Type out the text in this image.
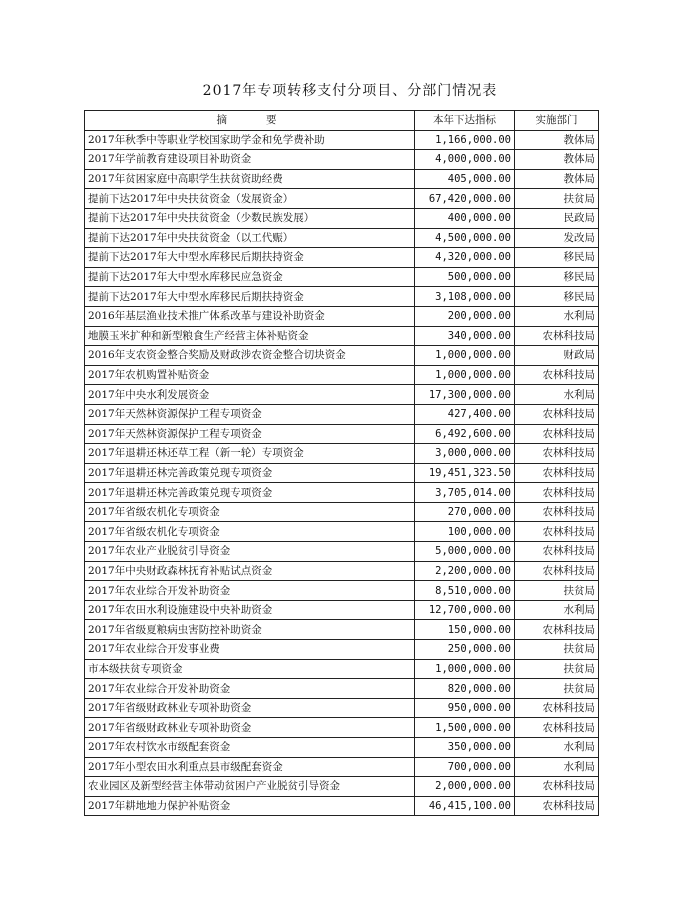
2017年专项转移支付分项目、分部门情况表
摘　　要	本年下达指标	实施部门
2017年秋季中等职业学校国家助学金和免学费补助	1,166,000.00	教体局
2017年学前教育建设项目补助资金	4,000,000.00	教体局
2017年贫困家庭中高职学生扶贫资助经费	405,000.00	教体局
提前下达2017年中央扶贫资金（发展资金）	67,420,000.00	扶贫局
提前下达2017年中央扶贫资金（少数民族发展）	400,000.00	民政局
提前下达2017年中央扶贫资金（以工代赈）	4,500,000.00	发改局
提前下达2017年大中型水库移民后期扶持资金	4,320,000.00	移民局
提前下达2017年大中型水库移民应急资金	500,000.00	移民局
提前下达2017年大中型水库移民后期扶持资金	3,108,000.00	移民局
2016年基层渔业技术推广体系改革与建设补助资金	200,000.00	水利局
地膜玉米扩种和新型粮食生产经营主体补贴资金	340,000.00	农林科技局
2016年支农资金整合奖励及财政涉农资金整合切块资金	1,000,000.00	财政局
2017年农机购置补贴资金	1,000,000.00	农林科技局
2017年中央水利发展资金	17,300,000.00	水利局
2017年天然林资源保护工程专项资金	427,400.00	农林科技局
2017年天然林资源保护工程专项资金	6,492,600.00	农林科技局
2017年退耕还林还草工程（新一轮）专项资金	3,000,000.00	农林科技局
2017年退耕还林完善政策兑现专项资金	19,451,323.50	农林科技局
2017年退耕还林完善政策兑现专项资金	3,705,014.00	农林科技局
2017年省级农机化专项资金	270,000.00	农林科技局
2017年省级农机化专项资金	100,000.00	农林科技局
2017年农业产业脱贫引导资金	5,000,000.00	农林科技局
2017年中央财政森林抚育补贴试点资金	2,200,000.00	农林科技局
2017年农业综合开发补助资金	8,510,000.00	扶贫局
2017年农田水利设施建设中央补助资金	12,700,000.00	水利局
2017年省级夏粮病虫害防控补助资金	150,000.00	农林科技局
2017年农业综合开发事业费	250,000.00	扶贫局
市本级扶贫专项资金	1,000,000.00	扶贫局
2017年农业综合开发补助资金	820,000.00	扶贫局
2017年省级财政林业专项补助资金	950,000.00	农林科技局
2017年省级财政林业专项补助资金	1,500,000.00	农林科技局
2017年农村饮水市级配套资金	350,000.00	水利局
2017年小型农田水利重点县市级配套资金	700,000.00	水利局
农业园区及新型经营主体带动贫困户产业脱贫引导资金	2,000,000.00	农林科技局
2017年耕地地力保护补贴资金	46,415,100.00	农林科技局
